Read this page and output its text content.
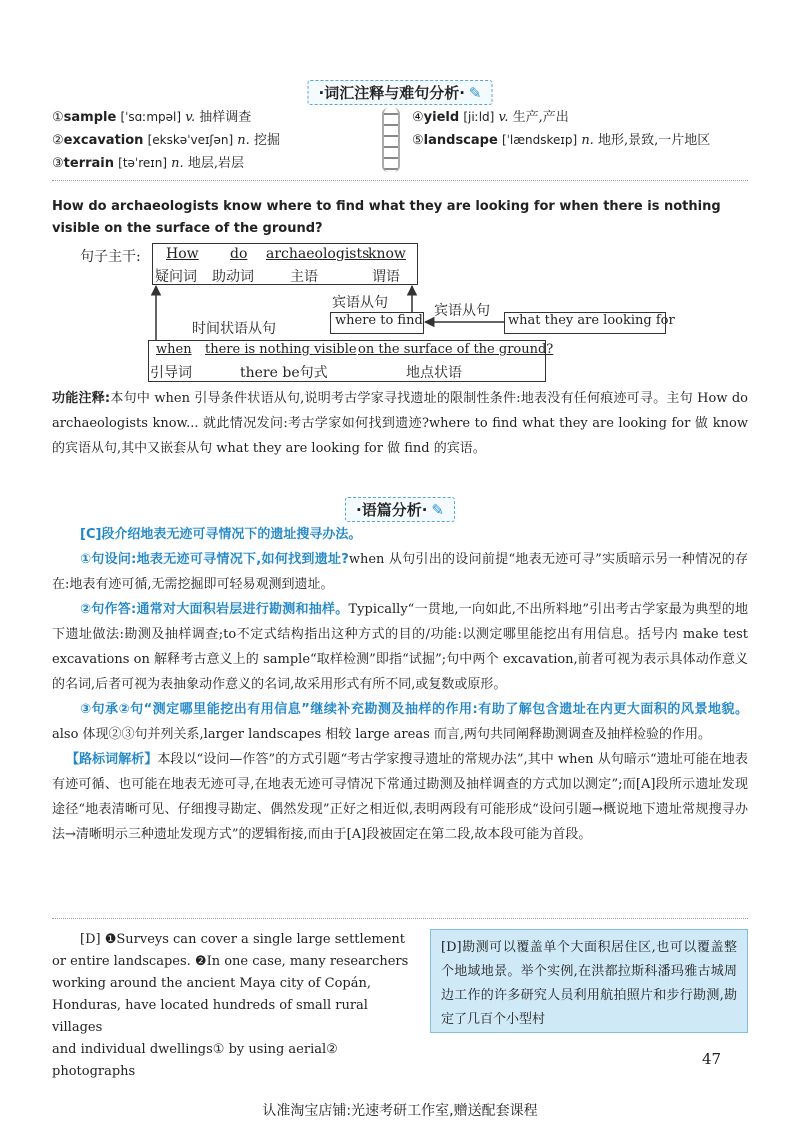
·词汇注释与难句分析· ✎
①sample [ˈsɑːmpəl] v. 抽样调查
②excavation [ekskəˈveɪʃən] n. 挖掘
③terrain [təˈreɪn] n. 地层,岩层
④yield [jiːld] v. 生产,产出
⑤landscape [ˈlændskeɪp] n. 地形,景致,一片地区
How do archaeologists know where to find what they are looking for when there is nothing visible on the surface of the ground?
句子主干: How do archaeologists
know
疑问词 助动词	主语	谓语
宾语从句
where to find
宾语从句
what they are looking for
时间状语从句
when there is nothing visible on the surface of the ground?
引导词	there be句式	地点状语
功能注释:本句中 when 引导条件状语从句,说明考古学家寻找遗址的限制性条件:地表没有任何痕迹可寻。主句 How do archaeologists know... 就此情况发问:考古学家如何找到遗迹?where to find what they are looking for 做 know 的宾语从句,其中又嵌套从句 what they are looking for 做 find 的宾语。
·语篇分析· ✎
[C]段介绍地表无迹可寻情况下的遗址搜寻办法。
①句设问:地表无迹可寻情况下,如何找到遗址?when 从句引出的设问前提“地表无迹可寻”实质暗示另一种情况的存在:地表有迹可循,无需挖掘即可轻易观测到遗址。
②句作答:通常对大面积岩层进行勘测和抽样。Typically“一贯地,一向如此,不出所料地”引出考古学家最为典型的地下遗址做法:勘测及抽样调查;to不定式结构指出这种方式的目的/功能:以测定哪里能挖出有用信息。括号内 make test excavations on 解释考古意义上的 sample“取样检测”即指“试掘”;句中两个 excavation,前者可视为表示具体动作意义的名词,后者可视为表抽象动作意义的名词,故采用形式有所不同,或复数或原形。
③句承②句“测定哪里能挖出有用信息”继续补充勘测及抽样的作用:有助了解包含遗址在内更大面积的风景地貌。also 体现②③句并列关系,larger landscapes 相较 large areas 而言,两句共同阐释勘测调查及抽样检验的作用。
【路标词解析】本段以“设问—作答”的方式引题“考古学家搜寻遗址的常规办法”,其中 when 从句暗示“遗址可能在地表有迹可循、也可能在地表无迹可寻,在地表无迹可寻情况下常通过勘测及抽样调查的方式加以测定”;而[A]段所示遗址发现途径“地表清晰可见、仔细搜寻勘定、偶然发现”正好之相近似,表明两段有可能形成“设问引题→概说地下遗址常规搜寻办法→清晰明示三种遗址发现方式”的逻辑衔接,而由于[A]段被固定在第二段,故本段可能为首段。
[D] ❶Surveys can cover a single large settlement
or entire landscapes. ❷In one case, many researchers
working around the ancient Maya city of Copán,
Honduras, have located hundreds of small rural villages
and individual dwellings① by using aerial② photographs
[D]勘测可以覆盖单个大面积居住区,也可以覆盖整个地域地景。举个实例,在洪都拉斯科潘玛雅古城周边工作的许多研究人员利用航拍照片和步行勘测,勘定了几百个小型村
47
认准淘宝店铺:光速考研工作室,赠送配套课程
